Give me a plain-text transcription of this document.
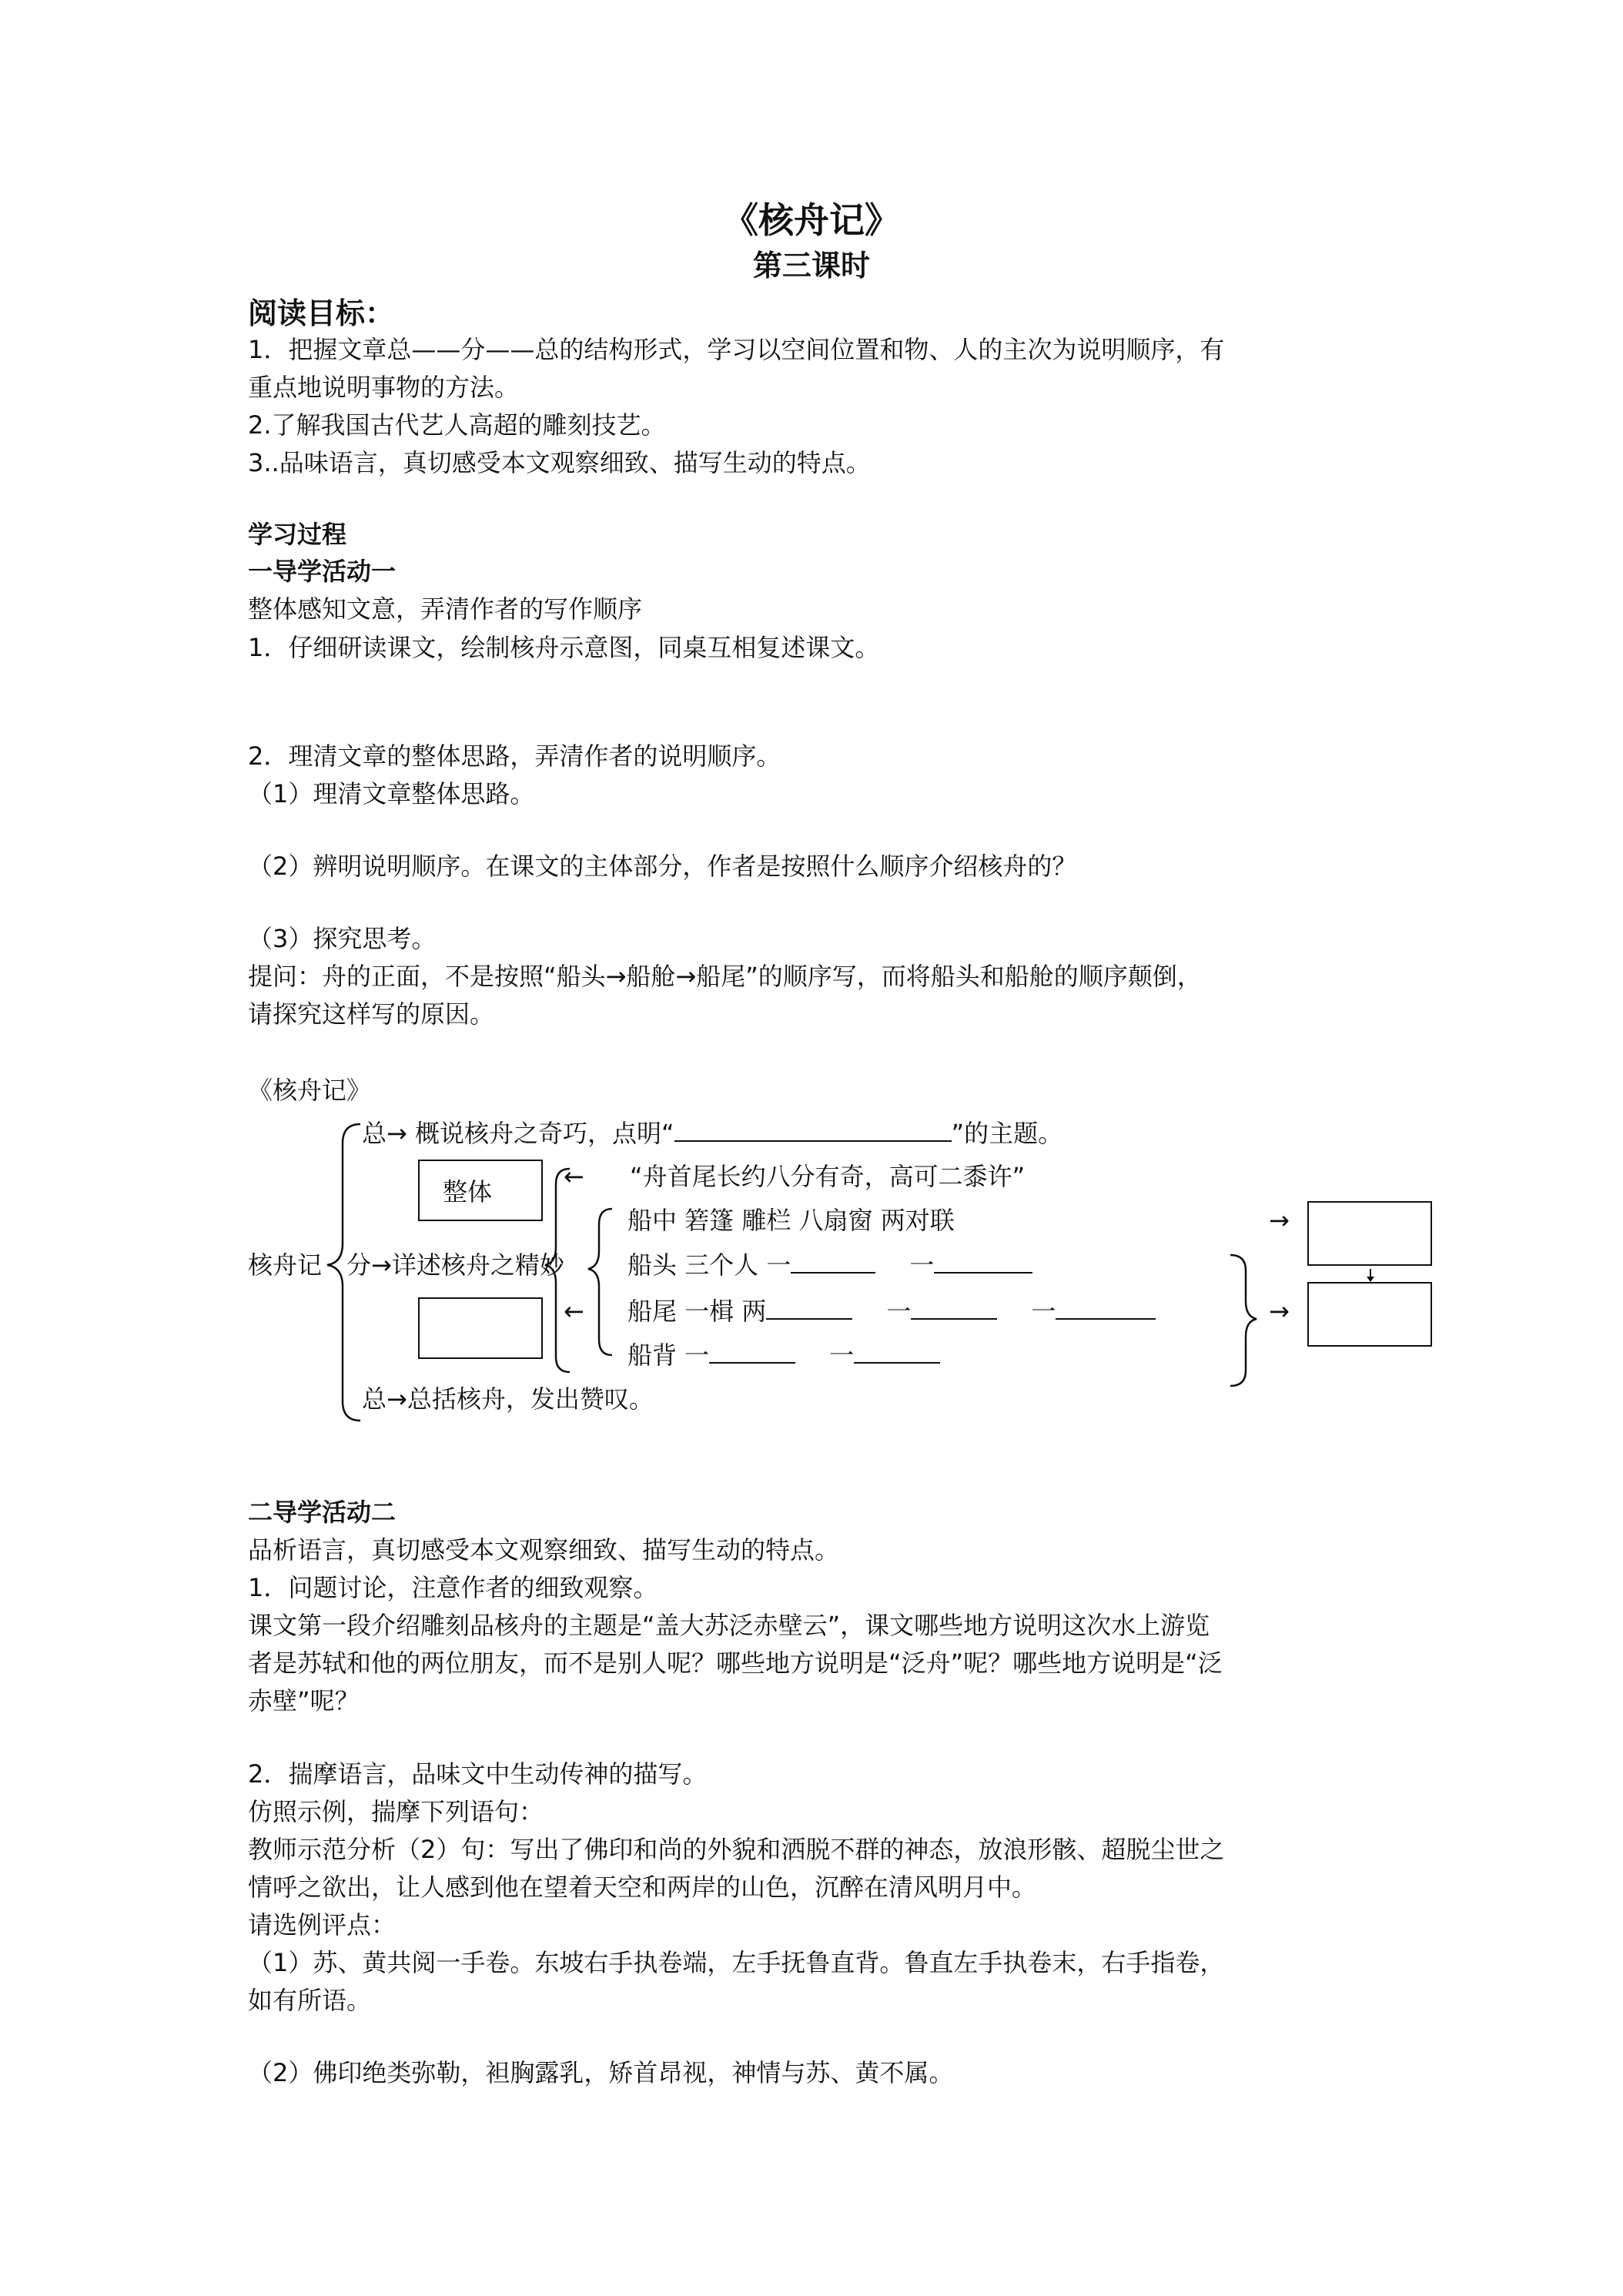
《核舟记》
第三课时
阅读目标：
1．把握文章总——分——总的结构形式，学习以空间位置和物、人的主次为说明顺序，有
重点地说明事物的方法。
2.了解我国古代艺人高超的雕刻技艺。
3..品味语言，真切感受本文观察细致、描写生动的特点。
学习过程
一导学活动一
整体感知文意，弄清作者的写作顺序
1．仔细研读课文，绘制核舟示意图，同桌互相复述课文。
2．理清文章的整体思路，弄清作者的说明顺序。
（1）理清文章整体思路。
（2）辨明说明顺序。在课文的主体部分，作者是按照什么顺序介绍核舟的？
（3）探究思考。
提问：舟的正面，不是按照“船头→船舱→船尾”的顺序写，而将船头和船舱的顺序颠倒，
请探究这样写的原因。
《核舟记》
核舟记
总→ 概说核舟之奇巧，点明“	”的主题。
整体
← “舟首尾长约八分有奇，高可二黍许”
船中 箬篷 雕栏 八扇窗 两对联	→
分→详述核舟之精妙	船头 三个人 一	一
船尾 一楫 两	一	一	→
←
船背 一	一
总→总括核舟，发出赞叹。
二导学活动二
品析语言，真切感受本文观察细致、描写生动的特点。
1．问题讨论，注意作者的细致观察。
课文第一段介绍雕刻品核舟的主题是“盖大苏泛赤壁云”，课文哪些地方说明这次水上游览
者是苏轼和他的两位朋友，而不是别人呢？哪些地方说明是“泛舟”呢？哪些地方说明是“泛
赤壁”呢？
2．揣摩语言，品味文中生动传神的描写。
仿照示例，揣摩下列语句：
教师示范分析（2）句：写出了佛印和尚的外貌和洒脱不群的神态，放浪形骸、超脱尘世之
情呼之欲出，让人感到他在望着天空和两岸的山色，沉醉在清风明月中。
请选例评点：
（1）苏、黄共阅一手卷。东坡右手执卷端，左手抚鲁直背。鲁直左手执卷末，右手指卷，
如有所语。
（2）佛印绝类弥勒，袒胸露乳，矫首昂视，神情与苏、黄不属。
